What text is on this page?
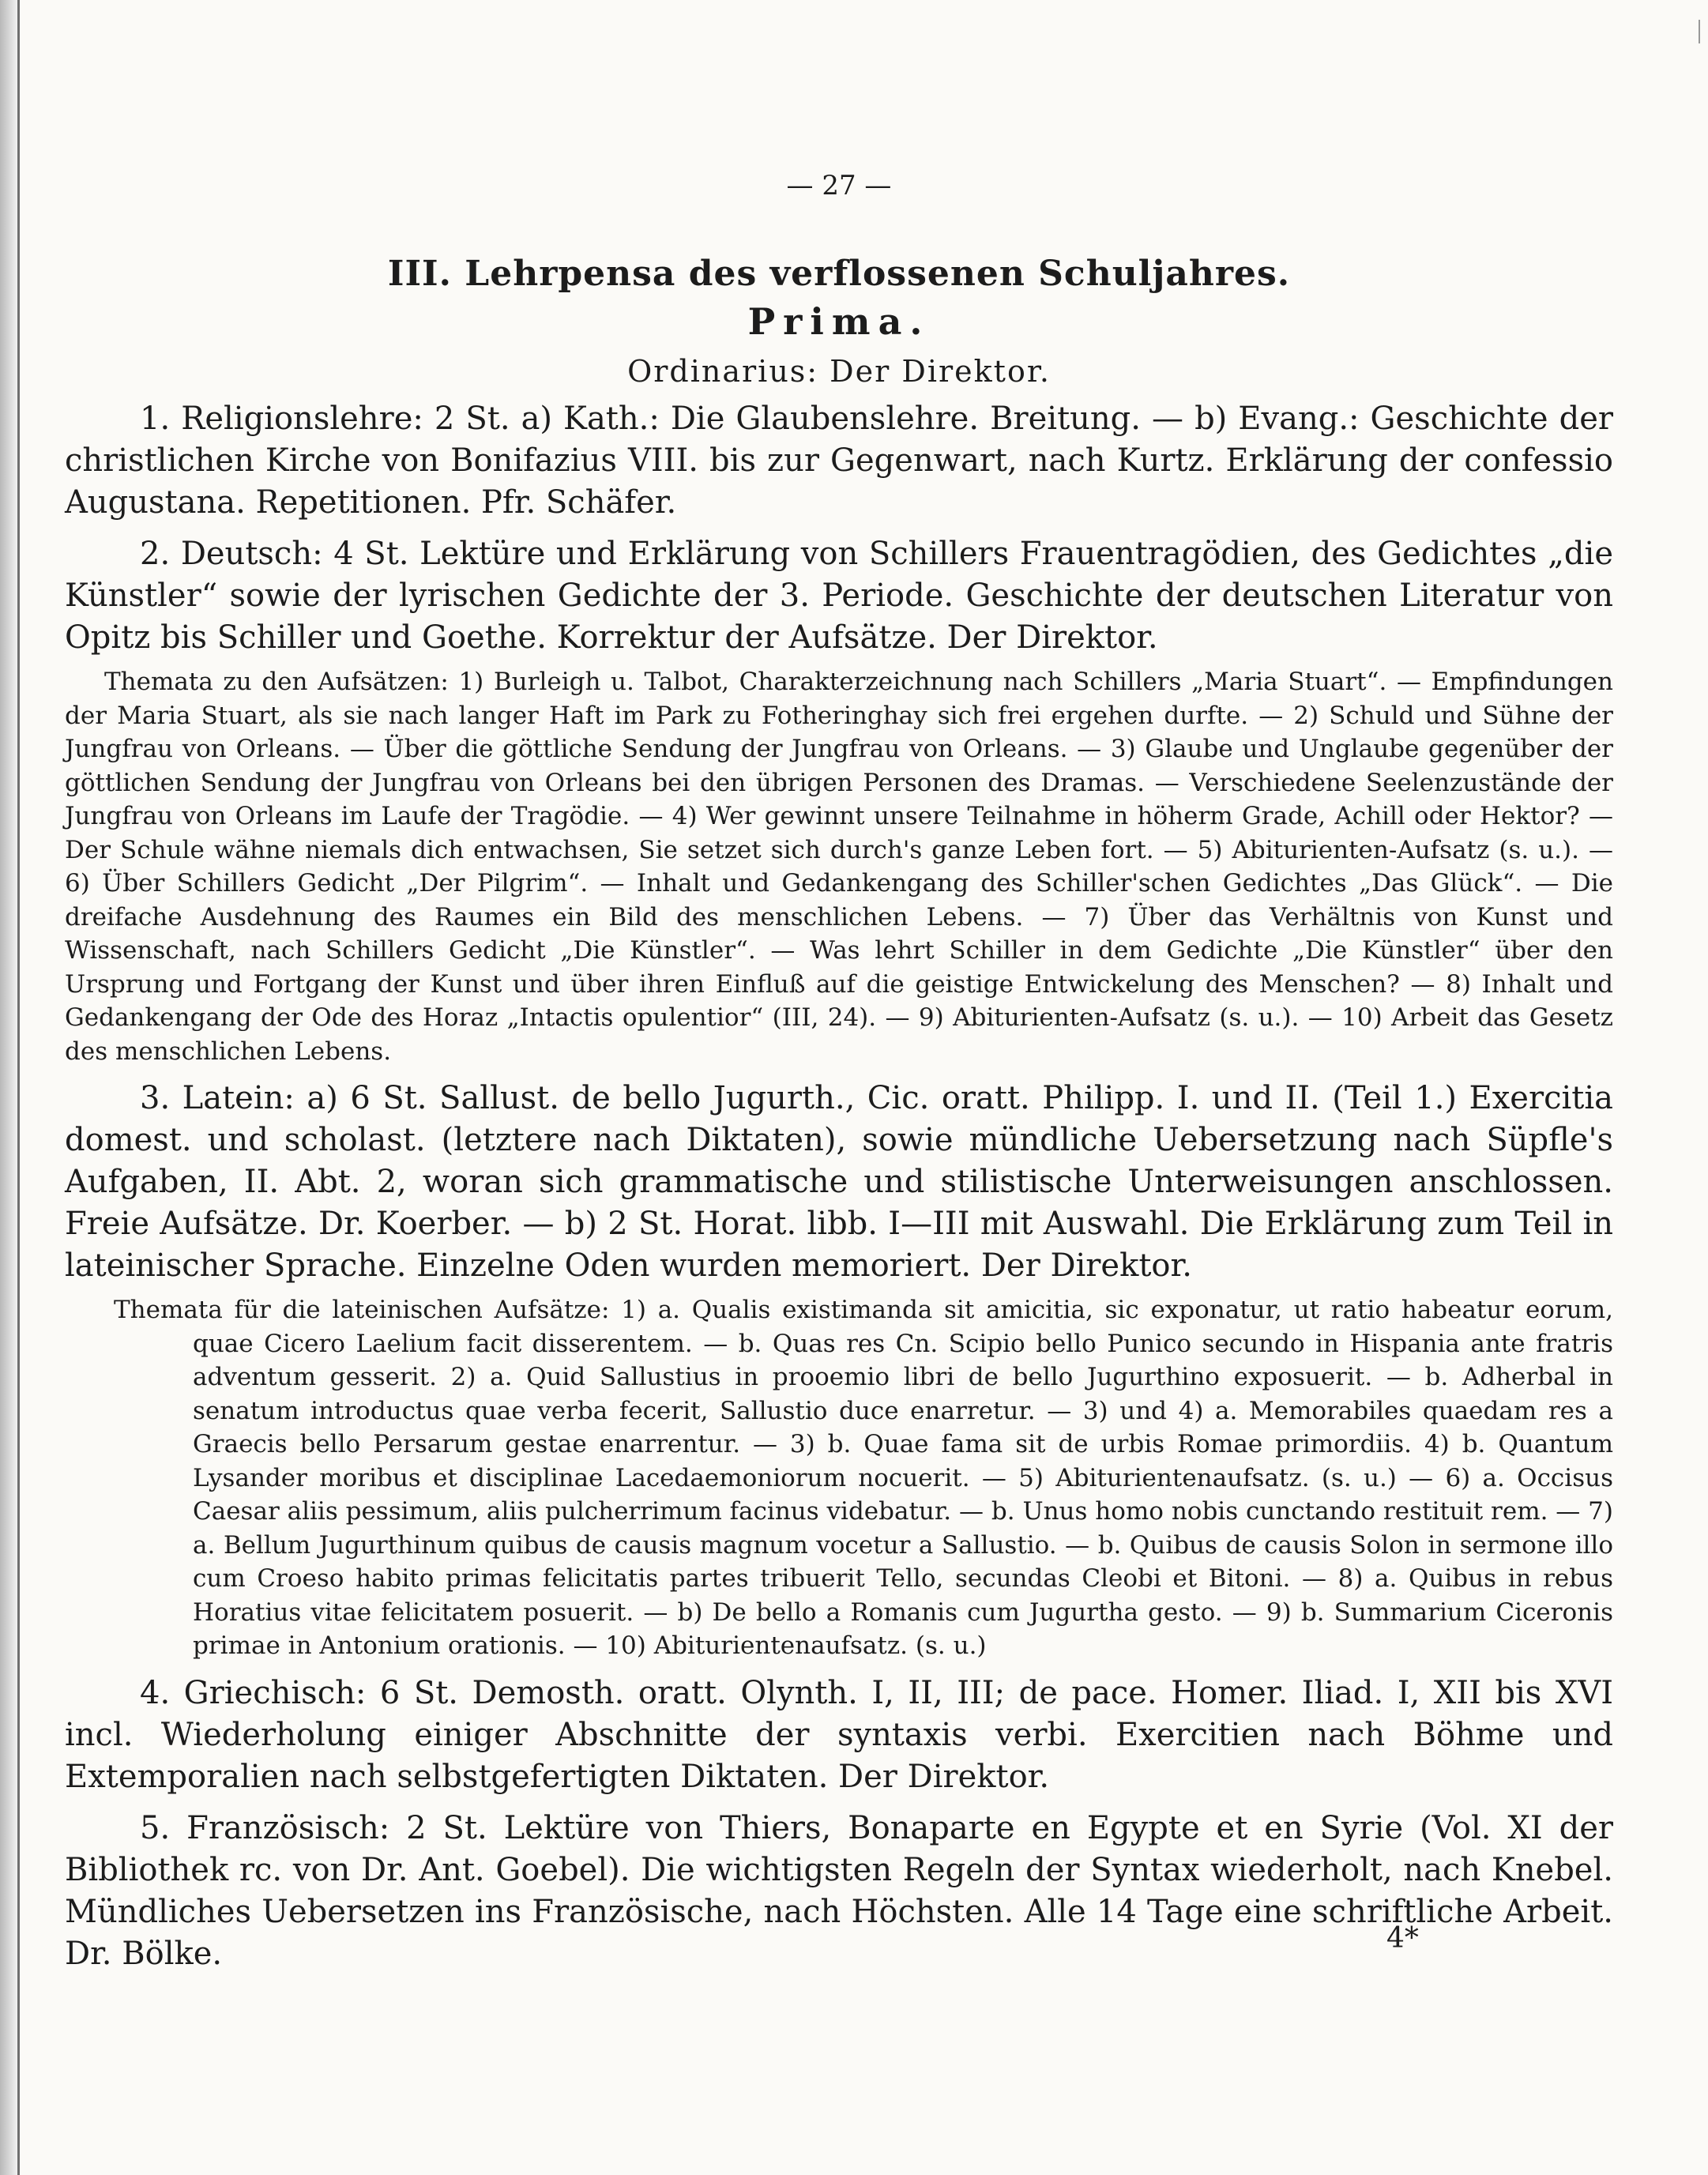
— 27 —
III. Lehrpensa des verflossenen Schuljahres.
Prima.
Ordinarius: Der Direktor.

1. Religionslehre: 2 St. a) Kath.: Die Glaubenslehre. Breitung. — b) Evang.: Geschichte der christlichen Kirche von Bonifazius VIII. bis zur Gegenwart, nach Kurtz. Erklärung der confessio Augustana. Repetitionen. Pfr. Schäfer.

2. Deutsch: 4 St. Lektüre und Erklärung von Schillers Frauentragödien, des Gedichtes „die Künstler“ sowie der lyrischen Gedichte der 3. Periode. Geschichte der deutschen Literatur von Opitz bis Schiller und Goethe. Korrektur der Aufsätze. Der Direktor.

Themata zu den Aufsätzen: 1) Burleigh u. Talbot, Charakterzeichnung nach Schillers „Maria Stuart“. — Empfindungen der Maria Stuart, als sie nach langer Haft im Park zu Fotheringhay sich frei ergehen durfte. — 2) Schuld und Sühne der Jungfrau von Orleans. — Über die göttliche Sendung der Jungfrau von Orleans. — 3) Glaube und Unglaube gegenüber der göttlichen Sendung der Jungfrau von Orleans bei den übrigen Personen des Dramas. — Verschiedene Seelenzustände der Jungfrau von Orleans im Laufe der Tragödie. — 4) Wer gewinnt unsere Teilnahme in höherm Grade, Achill oder Hektor? — Der Schule wähne niemals dich entwachsen, Sie setzet sich durch's ganze Leben fort. — 5) Abiturienten-Aufsatz (s. u.). — 6) Über Schillers Gedicht „Der Pilgrim“. — Inhalt und Gedankengang des Schiller'schen Gedichtes „Das Glück“. — Die dreifache Ausdehnung des Raumes ein Bild des menschlichen Lebens. — 7) Über das Verhältnis von Kunst und Wissenschaft, nach Schillers Gedicht „Die Künstler“. — Was lehrt Schiller in dem Gedichte „Die Künstler“ über den Ursprung und Fortgang der Kunst und über ihren Einfluß auf die geistige Entwickelung des Menschen? — 8) Inhalt und Gedankengang der Ode des Horaz „Intactis opulentior“ (III, 24). — 9) Abiturienten-Aufsatz (s. u.). — 10) Arbeit das Gesetz des menschlichen Lebens.

3. Latein: a) 6 St. Sallust. de bello Jugurth., Cic. oratt. Philipp. I. und II. (Teil 1.) Exercitia domest. und scholast. (letztere nach Diktaten), sowie mündliche Uebersetzung nach Süpfle's Aufgaben, II. Abt. 2, woran sich grammatische und stilistische Unterweisungen anschlossen. Freie Aufsätze. Dr. Koerber. — b) 2 St. Horat. libb. I—III mit Auswahl. Die Erklärung zum Teil in lateinischer Sprache. Einzelne Oden wurden memoriert. Der Direktor.

Themata für die lateinischen Aufsätze: 1) a. Qualis existimanda sit amicitia, sic exponatur, ut ratio habeatur eorum, quae Cicero Laelium facit disserentem. — b. Quas res Cn. Scipio bello Punico secundo in Hispania ante fratris adventum gesserit. 2) a. Quid Sallustius in prooemio libri de bello Jugurthino exposuerit. — b. Adherbal in senatum introductus quae verba fecerit, Sallustio duce enarretur. — 3) und 4) a. Memorabiles quaedam res a Graecis bello Persarum gestae enarrentur. — 3) b. Quae fama sit de urbis Romae primordiis. 4) b. Quantum Lysander moribus et disciplinae Lacedaemoniorum nocuerit. — 5) Abiturientenaufsatz. (s. u.) — 6) a. Occisus Caesar aliis pessimum, aliis pulcherrimum facinus videbatur. — b. Unus homo nobis cunctando restituit rem. — 7) a. Bellum Jugurthinum quibus de causis magnum vocetur a Sallustio. — b. Quibus de causis Solon in sermone illo cum Croeso habito primas felicitatis partes tribuerit Tello, secundas Cleobi et Bitoni. — 8) a. Quibus in rebus Horatius vitae felicitatem posuerit. — b) De bello a Romanis cum Jugurtha gesto. — 9) b. Summarium Ciceronis primae in Antonium orationis. — 10) Abiturientenaufsatz. (s. u.)

4. Griechisch: 6 St. Demosth. oratt. Olynth. I, II, III; de pace. Homer. Iliad. I, XII bis XVI incl. Wiederholung einiger Abschnitte der syntaxis verbi. Exercitien nach Böhme und Extemporalien nach selbstgefertigten Diktaten. Der Direktor.

5. Französisch: 2 St. Lektüre von Thiers, Bonaparte en Egypte et en Syrie (Vol. XI der Bibliothek rc. von Dr. Ant. Goebel). Die wichtigsten Regeln der Syntax wiederholt, nach Knebel. Mündliches Uebersetzen ins Französische, nach Höchsten. Alle 14 Tage eine schriftliche Arbeit. Dr. Bölke.	4*
